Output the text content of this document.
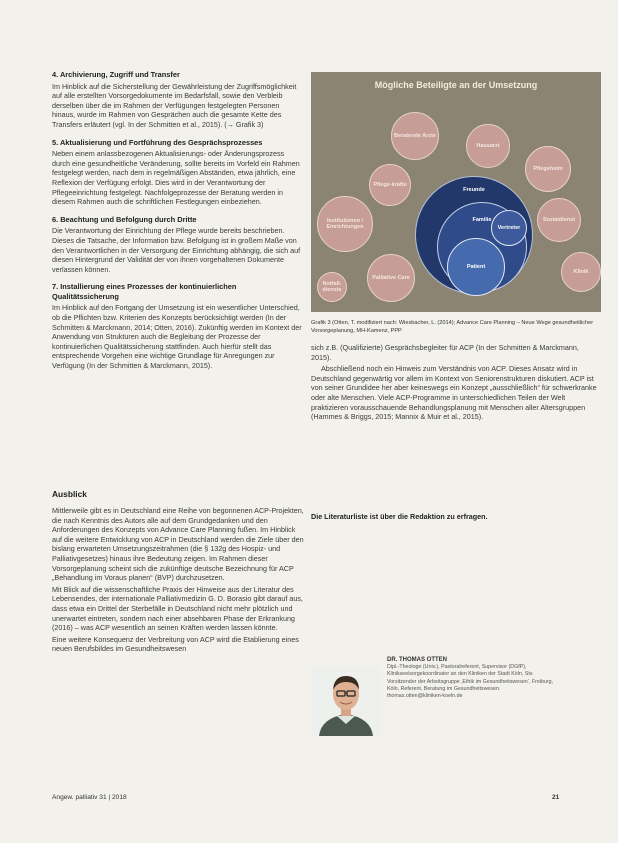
4. Archivierung, Zugriff und Transfer

Im Hinblick auf die Sicherstellung der Gewährleistung der Zugriffsmöglichkeit auf alle erstellten Vorsorgedokumente im Bedarfsfall, sowie den Verbleib derselben über die im Rahmen der Verfügungen festgelegten Personen hinaus, wurde im Rahmen von Gesprächen auch die gesamte Kette des Transfers erläutert (vgl. In der Schmitten et al., 2015). (→ Grafik 3)

5. Aktualisierung und Fortführung des Gesprächsprozesses

Neben einem anlassbezogenen Aktualisierungs- oder Änderungsprozess durch eine gesundheitliche Veränderung, sollte bereits im Vorfeld ein Rahmen festgelegt werden, nach dem in regelmäßigen Abständen, etwa jährlich, eine Reflexion der Verfügung erfolgt. Dies wird in der Verantwortung der Pflegeeinrichtung festgelegt. Nachfolgeprozesse der Beratung werden in diesem Rahmen auch die schriftlichen Festlegungen einbeziehen.

6. Beachtung und Befolgung durch Dritte

Die Verantwortung der Einrichtung der Pflege wurde bereits beschrieben. Dieses die Tatsache, der Information bzw. Befolgung ist in großem Maße von den Verantwortlichen in der Versorgung der Einrichtung abhängig, die sich auf diesen Hintergrund der Validität der von ihnen vorgehaltenen Dokumente verlassen können.

7. Installierung eines Prozesses der kontinuierlichen Qualitätssicherung

Im Hinblick auf den Fortgang der Umsetzung ist ein wesentlicher Unterschied, ob die Pflichten bzw. Kriterien des Konzepts berücksichtigt werden (In der Schmitten & Marckmann, 2014; Otten, 2016). Zukünftig werden im Kontext der Anwendung von Strukturen auch die Begleitung der Prozesse der kontinuierlichen Qualitätssicherung stattfinden. Auch hierfür stellt das entsprechende Vorgehen eine wichtige Grundlage für Anregungen zur Verfügung (In der Schmitten & Marckmann, 2015).

Ausblick

Mittlerweile gibt es in Deutschland eine Reihe von begonnenen ACP-Projekten, die nach Kenntnis des Autors alle auf dem Grundgedanken und den Anforderungen des Konzepts von Advance Care Planning fußen. Im Hinblick auf die weitere Entwicklung von ACP in Deutschland werden die Ziele über den bislang erwarteten Umsetzungszeitrahmen (die § 132g des Hospiz- und Palliativgesetzes) hinaus ihre Bedeutung zeigen. Im Rahmen dieser Vorsorgeplanung scheint sich die zukünftige deutsche Bezeichnung für ACP „Behandlung im Voraus planen“ (BVP) durchzusetzen.

Mit Blick auf die wissenschaftliche Praxis der Hinweise aus der Literatur des Lebensendes, der internationale Palliativmedizin G. D. Borasio gibt darauf aus, dass etwa ein Drittel der Sterbefälle in Deutschland nicht mehr plötzlich und unerwartet eintreten, sondern nach einer absehbaren Phase der Erkrankung (2016) – was ACP wesentlich an seinen Kräften werden lassen könnte.

Eine weitere Konsequenz der Verbreitung von ACP wird die Etablierung eines neuen Berufsbildes im Gesundheitswesen

Mögliche Beteiligte an der Umsetzung
Beratende Arzte
Hausarzt
Pflegeheim
Pflege-kräfte
Institutionen / Einrichtungen
Sozialdienst
Klinik
Palliative Care
Notfall-dienste
Freunde
Familie
Vertreter
Patient
Grafik 3 (Otten, T. modifiziert nach: Wiesbacher, L. (2014); Advance Care Planning – Neue Wege gesundheitlicher Vorsorgeplanung, MH-Kamenz, PPP

sich z.B. (Qualifizierte) Gesprächsbegleiter für ACP (In der Schmitten & Marckmann, 2015).

Abschließend noch ein Hinweis zum Verständnis von ACP. Dieses Ansatz wird in Deutschland gegenwärtig vor allem im Kontext von Seniorenstrukturen diskutiert. ACP ist von seiner Grundidee her aber keineswegs ein Konzept „ausschließlich“ für schwerkranke oder alte Menschen. Viele ACP-Programme in unterschiedlichen Teilen der Welt praktizieren vorausschauende Behandlungsplanung mit Menschen aller Altersgruppen (Hammes & Briggs, 2015; Mannix & Muir et al., 2015).

Die Literaturliste ist über die Redaktion zu erfragen.
DR. THOMAS OTTEN
Dipl.-Theologe (Univ.), Pastoralreferent, Supervisor (DGfP),
Klinikseelsorgekoordinator an den Kliniken der Stadt Köln, Stv.
Vorsitzender der Arbeitsgruppe ‚Ethik im Gesundheitswesen‘, Freiburg,
Köln, Referent, Beratung im Gesundheitswesen.
thomas.otten@kliniken-koeln.de
Angew. palliativ 31 | 2018	21
